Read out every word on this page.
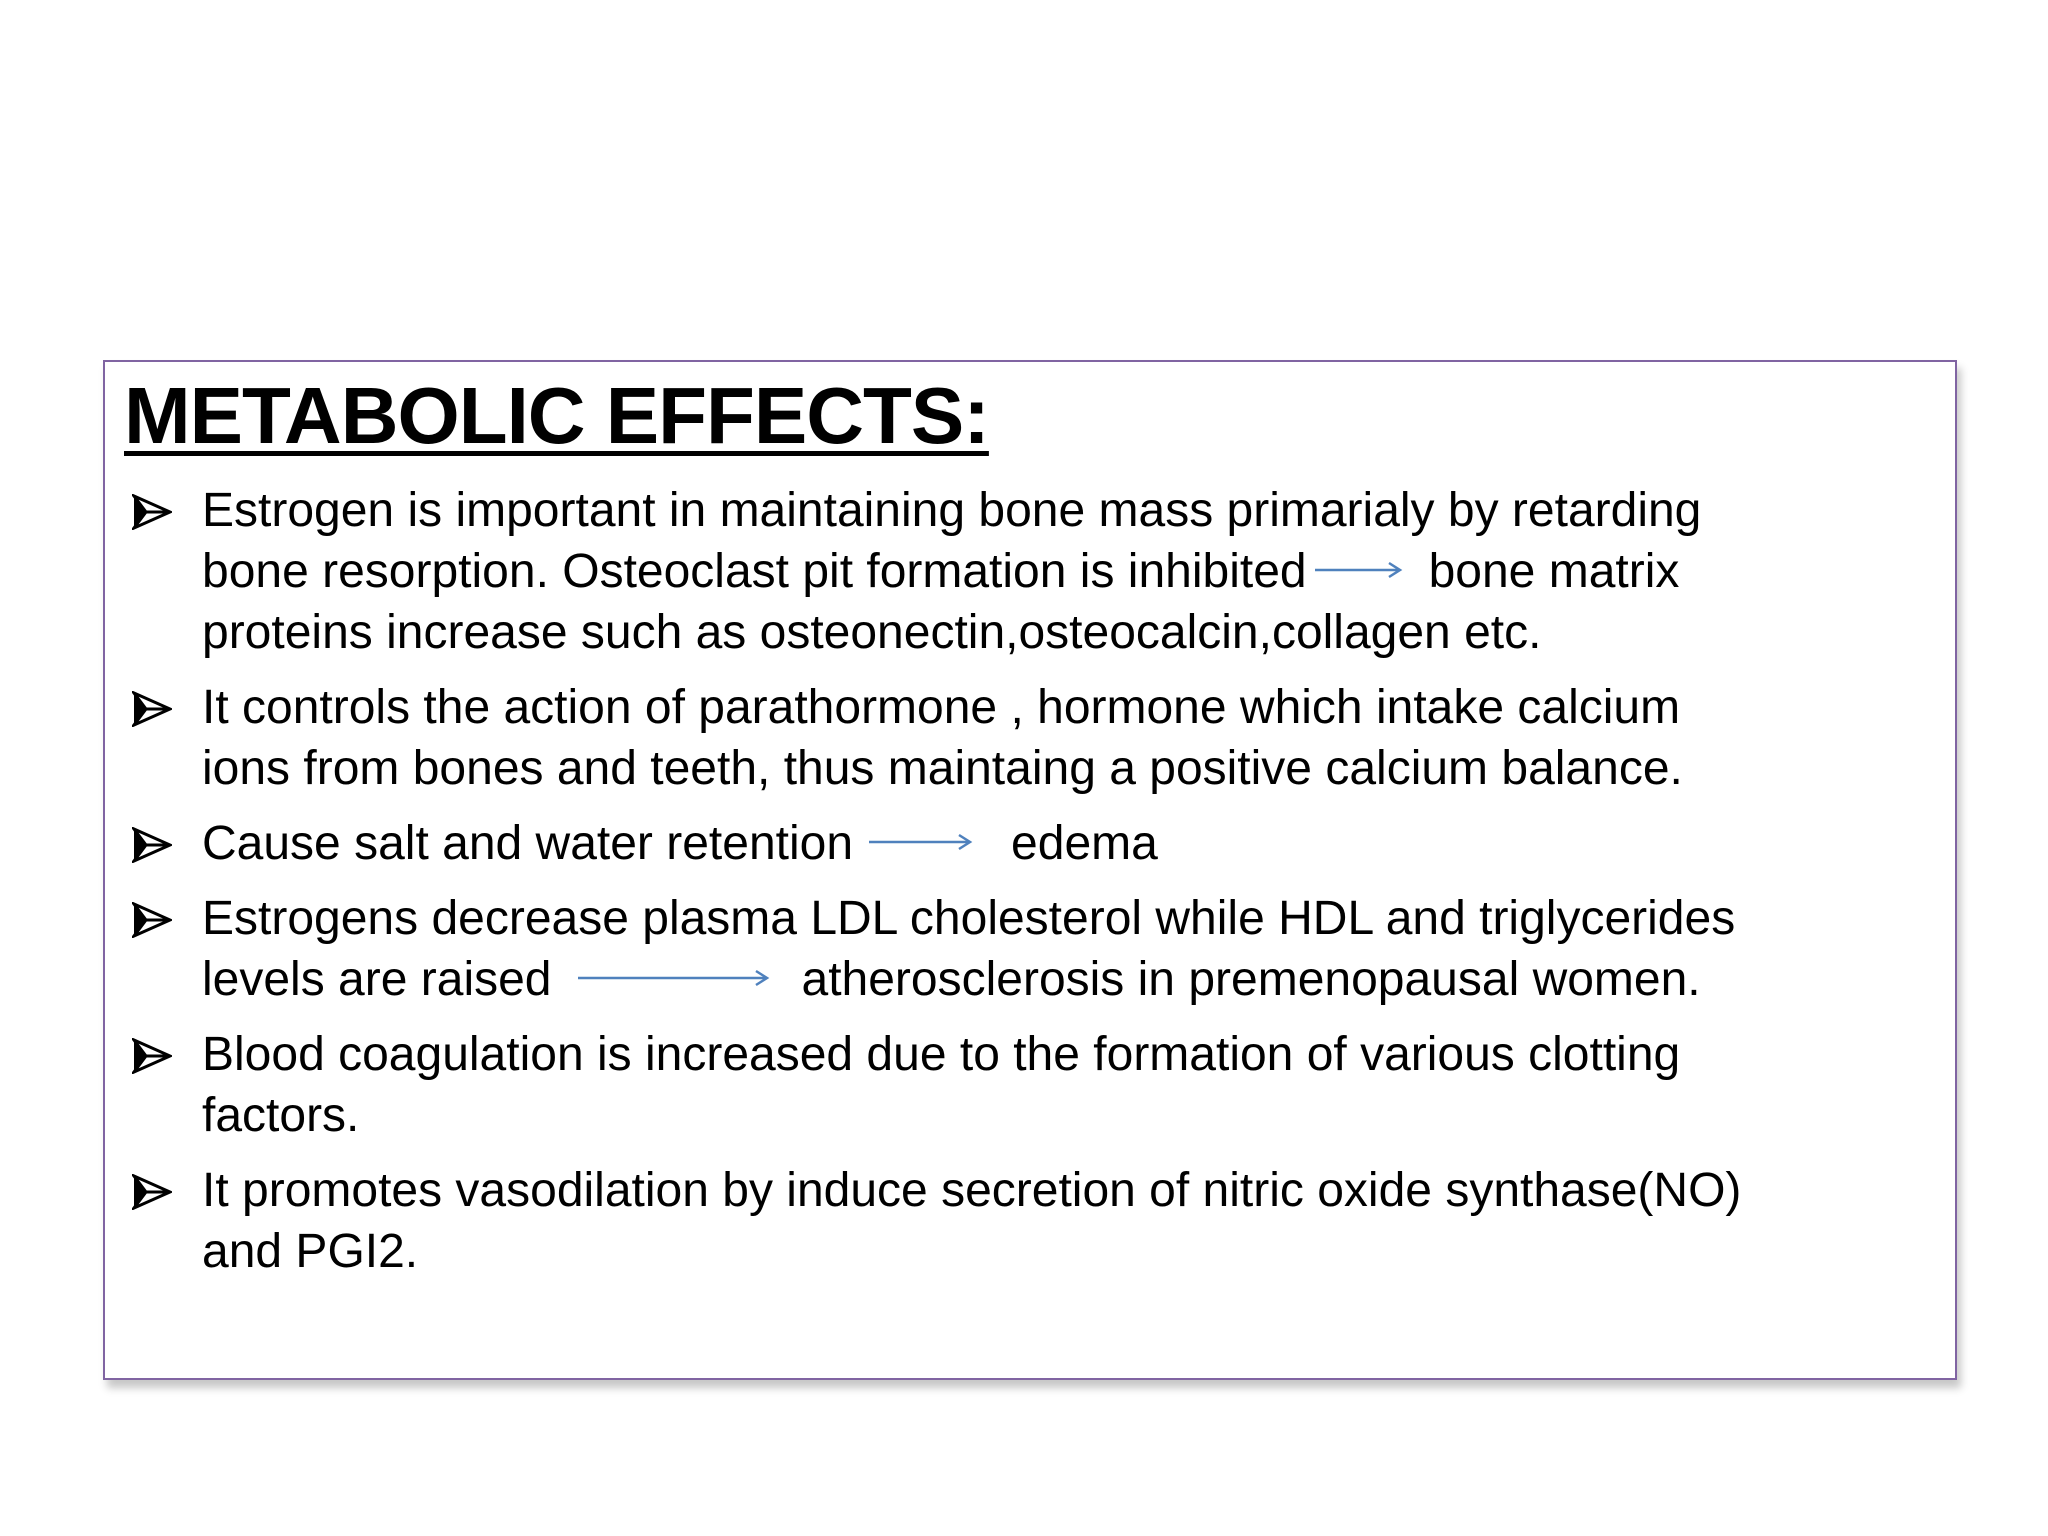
METABOLIC EFFECTS:
Estrogen is important in maintaining bone mass primarialy by retarding
bone resorption. Osteoclast pit formation is inhibited	bone matrix
proteins increase such as osteonectin,osteocalcin,collagen etc.
It controls the action of parathormone , hormone which intake calcium
ions from bones and teeth, thus maintaing a positive calcium balance.
Cause salt and water retention	edema
Estrogens decrease plasma LDL cholesterol while HDL and triglycerides
levels are raised	atherosclerosis in premenopausal women.
Blood coagulation is increased due to the formation of various clotting
factors.
It promotes vasodilation by induce secretion of nitric oxide synthase(NO)
and PGI2.
